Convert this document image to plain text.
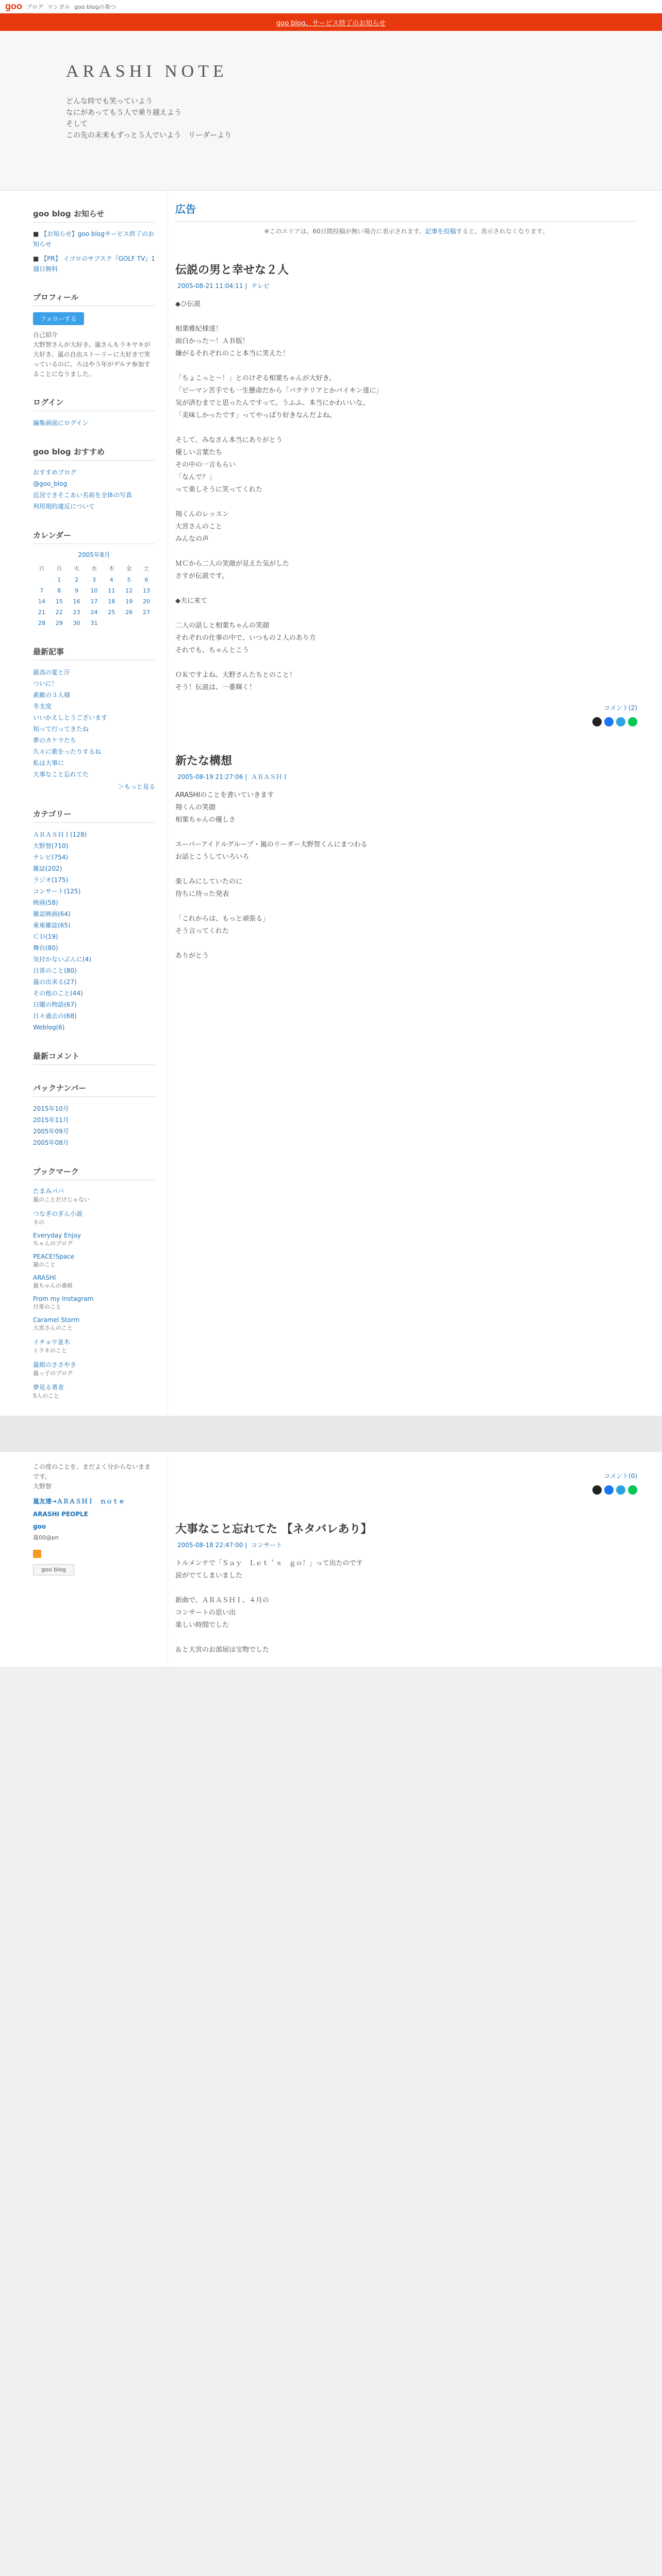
goo ブログ マンガル goo blogの楽つ
goo blog、サービス終了のお知らせ
ARASHI NOTE
どんな時でも笑っていよう
なにがあっても５人で乗り越えよう
そして
この先の未来もずっと５人でいよう　リーダーより
goo blog お知らせ
■ 【お知らせ】goo blogサービス終了のお知らせ
■ 【PR】 イゴロのサブスク『GOLF TV』1 週日無料
プロフィール
フォローする
自己紹介
大野智さんが大好き。嵐さんもラキヤキが大好き。嵐の自由ストーリーに大好きで笑っているのに、ろはや５年がデルテ参加することになりました。
ログイン
編集画面にログイン
goo blog おすすめ
おすすめブログ
@goo_blog
近況できそこあい名前を全体の写真
利用規約違反について
カレンダー
2005年8月
日	月	火	水	木	金	土
	1	2	3	4	5	6
7	8	9	10	11	12	13
14	15	16	17	18	19	20
21	22	23	24	25	26	27
28	29	30	31			
最新記事
最高の夏と汗
ついに！
素敵の３人様
冬支度
いいかえしとうございます
知って行ってきたね
夢のカケラたち
久々に歌をったりするね
私は大事に
大事なこと忘れてた
＞もっと見る
カテゴリー
ＡＲＡＳＨＩ(128)
大野智(710)
テレビ(754)
雑誌(202)
ラジオ(175)
コンサート(125)
映画(58)
雑誌映画(64)
東東雑誌(65)
ＣＤ(19)
舞台(80)
気付かないぶんに(4)
日常のこと(80)
嵐の出来る(27)
その他のこと(44)
日曜の物語(67)
日々過去の(68)
Weblog(6)
最新コメント
バックナンバー
2015年10月
2015年11月
2005年09月
2005年08月
ブックマーク
たまみパパ
嵐のことだけじゃない
つなぎのぎん小説
ネの
Everyday Enjoy
ちゃんのブログ
PEACE!Space
嵐のこと
ARASHI
嵐ちゃんの番組
From my Instagram
日常のこと
Caramel Storm
大宮さんのこと
イチョウ並木
トラキのこと
嵐娘のささやき
嵐っ子のブログ
夢見る勇者
5人のこと
広告
※このエリアは、60日間投稿が無い場合に表示されます。記事を投稿すると、表示されなくなります。
伝説の男と幸せな２人
2005-08-21 11:04:11 | テレビ
◆ひ伝説

相葉雅紀様達！
面白かった〜！ＡＢ版！
嫌がるそれぞれのこと本当に笑えた！

「ちょこっと〜！」とのけぞる相葉ちゃんが大好き。
「ビーマン苦手でも一生懸命だから「バクテリアとかバイキン達に」
気が済むまでと思ったんですって。うふふ、本当にかわいいな。
「美味しかったです」ってやっぱり好きなんだよね。

そして、みなさん本当にありがとう
優しい言葉たち
その中の一言もらい
「なんで？」
って楽しそうに笑ってくれた

翔くんのレッスン
大宮さんのこと
みんなの声

ＭＣから二人の笑顔が見えた気がした
さすが伝説です。

◆夫に来て

二人の話しと相葉ちゃんの笑顔
それぞれの仕事の中で、いつもの２人のあり方
それでも、ちゃんとこう

ＯＫですよね、大野さんたちとのこと！
そう！伝説は、一番輝く！
コメント(2)
新たな構想
2005-08-19 21:27:06 | ＡＲＡＳＨＩ
ARASHIのことを書いていきます
翔くんの笑顔
相葉ちゃんの優しさ

スーパーアイドルグループ・嵐のリーダー大野智くんにまつわる
お話とこうしていろいろ

楽しみにしていたのに
待ちに待った発表

「これからは、もっと頑張る」
そう言ってくれた

ありがとう
この度のことを、まだよく分からないままです。
大野智
嵐友達→ＡＲＡＳＨＩ　ｎｏｔｅ
ARASHI PEOPLE
goo
嵐00@pn
goo blog
コメント(0)
大事なこと忘れてた 【ネタバレあり】
2005-08-18 22:47:00 | コンサート
トルメンテで「Ｓａｙ　Ｌｅｔ＇ｓ　ｇｏ！」って出たのです
涙がでてしまいました

新曲で、ＡＲＡＳＨＩ、４月の
コンサートの思い出
楽しい時間でした

＆と大宮のお部屋は宝物でした
